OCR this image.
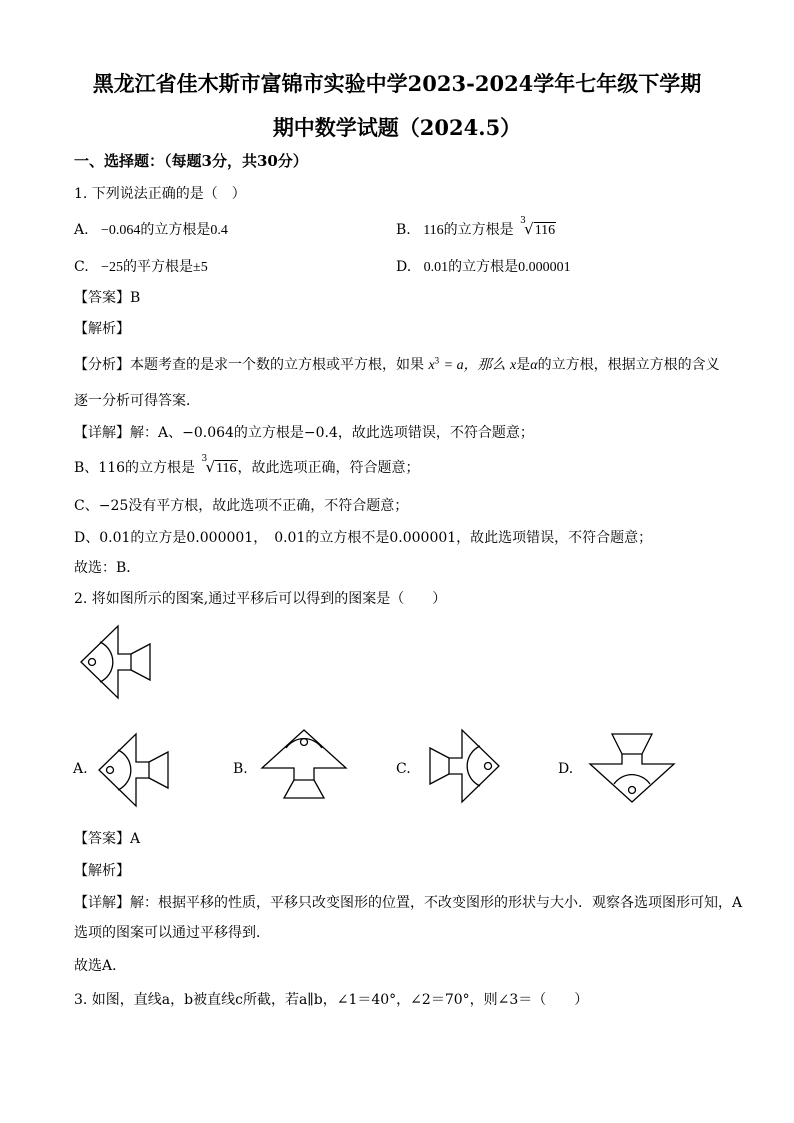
黑龙江省佳木斯市富锦市实验中学2023-2024学年七年级下学期
期中数学试题（2024.5）
一、选择题：（每题3分，共30分）
1. 下列说法正确的是（　）
A. −0.064的立方根是0.4	B. 116的立方根是
3
√116
C. −25的平方根是±5	D. 0.01的立方根是0.000001
【答案】B
【解析】
【分析】本题考查的是求一个数的立方根或平方根，如果 $x^3 = a$，那么 x是α的立方根，根据立方根的含义
逐一分析可得答案．
【详解】解：A、−0.064的立方根是−0.4，故此选项错误，不符合题意；
B、116的立方根是
3
√116，故此选项正确，符合题意；
C、−25没有平方根，故此选项不正确，不符合题意；
D、0.01的立方是0.000001，　0.01的立方根不是0.000001，故此选项错误，不符合题意；
故选：B．
2. 将如图所示的图案,通过平移后可以得到的图案是（　　）
A.	B.	C.	D.
【答案】A
【解析】
【详解】解：根据平移的性质，平移只改变图形的位置，不改变图形的形状与大小．观察各选项图形可知，A
选项的图案可以通过平移得到．
故选A．
3. 如图，直线a，b被直线c所截，若a∥b，∠1＝40°，∠2＝70°，则∠3＝（　　）
